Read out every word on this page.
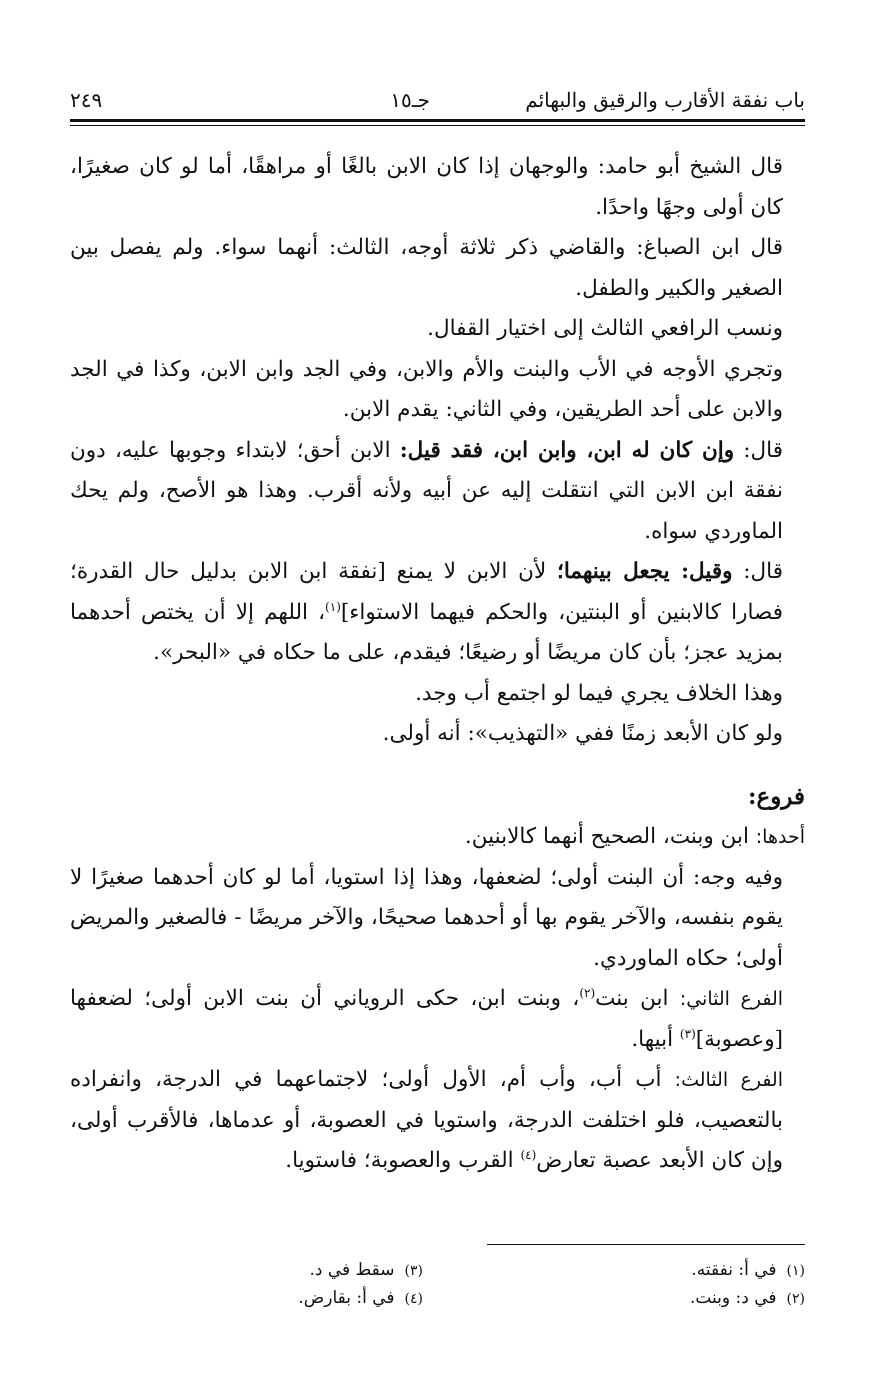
باب نفقة الأقارب والرقيق والبهائم
جـ١٥
٢٤٩

قال الشيخ أبو حامد: والوجهان إذا كان الابن بالغًا أو مراهقًا، أما لو كان صغيرًا، كان أولى وجهًا واحدًا.

قال ابن الصباغ: والقاضي ذكر ثلاثة أوجه، الثالث: أنهما سواء. ولم يفصل بين الصغير والكبير والطفل.

ونسب الرافعي الثالث إلى اختيار القفال.

وتجري الأوجه في الأب والبنت والأم والابن، وفي الجد وابن الابن، وكذا في الجد والابن على أحد الطريقين، وفي الثاني: يقدم الابن.

قال: وإن كان له ابن، وابن ابن، فقد قيل: الابن أحق؛ لابتداء وجوبها عليه، دون نفقة ابن الابن التي انتقلت إليه عن أبيه ولأنه أقرب. وهذا هو الأصح، ولم يحك الماوردي سواه.

قال: وقيل: يجعل بينهما؛ لأن الابن لا يمنع [نفقة ابن الابن بدليل حال القدرة؛ فصارا كالابنين أو البنتين، والحكم فيهما الاستواء]$^{(١)}$، اللهم إلا أن يختص أحدهما بمزيد عجز؛ بأن كان مريضًا أو رضيعًا؛ فيقدم، على ما حكاه في «البحر».

وهذا الخلاف يجري فيما لو اجتمع أب وجد.

ولو كان الأبعد زمنًا ففي «التهذيب»: أنه أولى.

فروع:

أحدها: ابن وبنت، الصحيح أنهما كالابنين.

وفيه وجه: أن البنت أولى؛ لضعفها، وهذا إذا استويا، أما لو كان أحدهما صغيرًا لا يقوم بنفسه، والآخر يقوم بها أو أحدهما صحيحًا، والآخر مريضًا - فالصغير والمريض أولى؛ حكاه الماوردي.

الفرع الثاني: ابن بنت$^{(٢)}$، وبنت ابن، حكى الروياني أن بنت الابن أولى؛ لضعفها [وعصوبة]$^{(٣)}$ أبيها.

الفرع الثالث: أب أب، وأب أم، الأول أولى؛ لاجتماعهما في الدرجة، وانفراده بالتعصيب، فلو اختلفت الدرجة، واستويا في العصوبة، أو عدماها، فالأقرب أولى، وإن كان الأبعد عصبة تعارض$^{(٤)}$ القرب والعصوبة؛ فاستويا.

(١)في أ: نفقته.
(٢)في د: وبنت.
(٣)سقط في د.
(٤)في أ: بقارض.
